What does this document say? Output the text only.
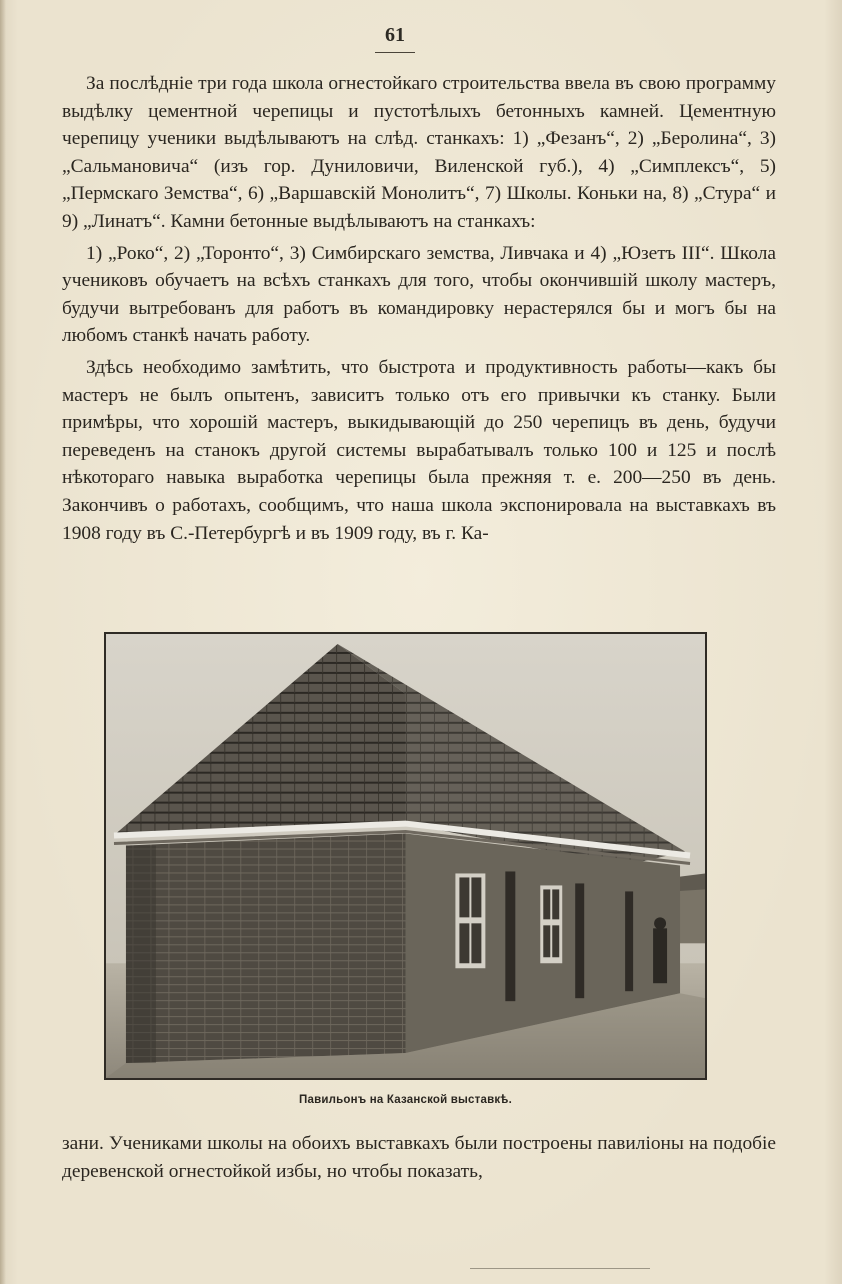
61

За послѣдніе три года школа огнестойкаго строительства ввела въ свою программу выдѣлку цементной черепицы и пустотѣлыхъ бетонныхъ камней. Цементную черепицу ученики выдѣлываютъ на слѣд. станкахъ: 1) „Фезанъ“, 2) „Беролина“, 3) „Сальмановича“ (изъ гор. Дуниловичи, Виленской губ.), 4) „Симплексъ“, 5) „Пермскаго Земства“, 6) „Варшавскій Монолитъ“, 7) Школы. Коньки на, 8) „Стура“ и 9) „Линатъ“. Камни бетонные выдѣлываютъ на станкахъ:

1) „Роко“, 2) „Торонто“, 3) Симбирскаго земства, Ливчака и 4) „Юзетъ III“. Школа учениковъ обучаетъ на всѣхъ станкахъ для того, чтобы окончившій школу мастеръ, будучи вытребованъ для работъ въ командировку нерастерялся бы и могъ бы на любомъ станкѣ начать работу.

Здѣсь необходимо замѣтить, что быстрота и продуктивность работы—какъ бы мастеръ не былъ опытенъ, зависитъ только отъ его привычки къ станку. Были примѣры, что хорошій мастеръ, выкидывающій до 250 черепицъ въ день, будучи переведенъ на станокъ другой системы вырабатывалъ только 100 и 125 и послѣ нѣкотораго навыка выработка черепицы была прежняя т. е. 200—250 въ день. Закончивъ о работахъ, сообщимъ, что наша школа экспонировала на выставкахъ въ 1908 году въ С.-Петербургѣ и въ 1909 году, въ г. Ка-

Павильонъ на Казанской выставкѣ.

зани. Учениками школы на обоихъ выставкахъ были построены павиліоны на подобіе деревенской огнестойкой избы, но чтобы показать,
